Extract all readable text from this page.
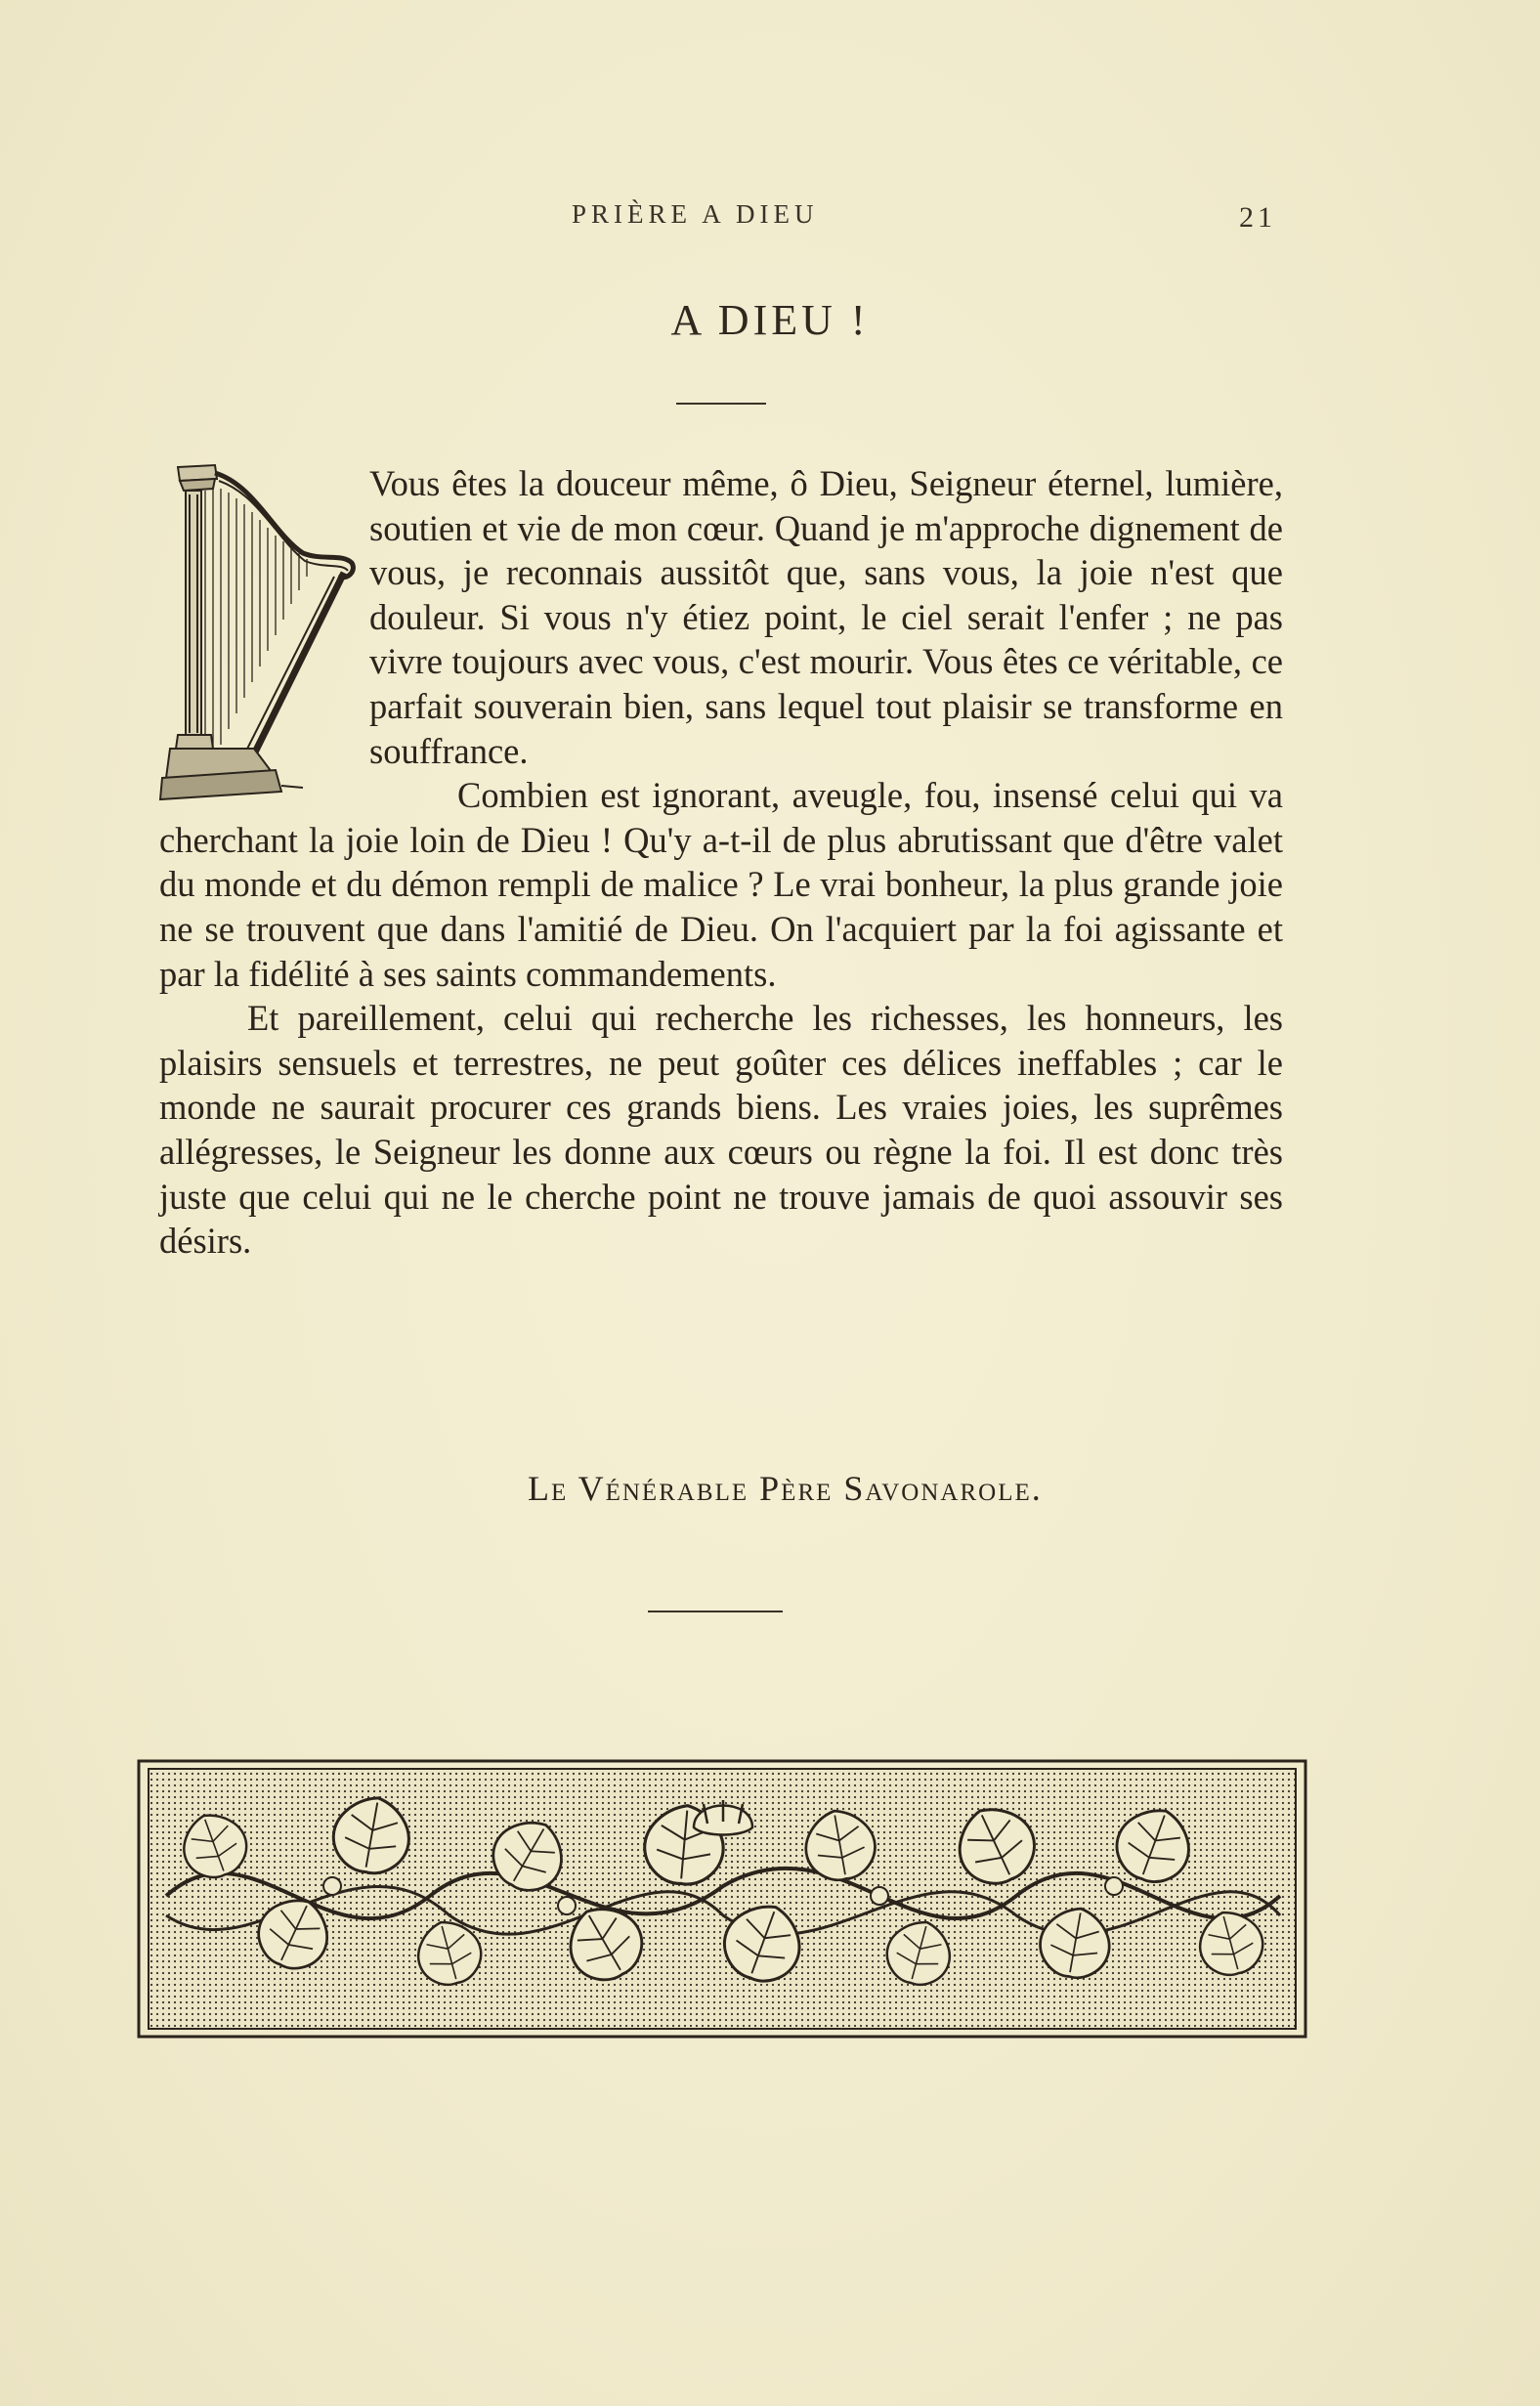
PRIÈRE A DIEU	21
A DIEU !

Vous êtes la douceur même, ô Dieu, Seigneur éternel, lumière, soutien et vie de mon cœur. Quand je m'approche dignement de vous, je reconnais aussitôt que, sans vous, la joie n'est que douleur. Si vous n'y étiez point, le ciel serait l'enfer ; ne pas vivre toujours avec vous, c'est mourir. Vous êtes ce véritable, ce parfait souverain bien, sans lequel tout plaisir se transforme en souffrance.

Combien est ignorant, aveugle, fou, insensé celui qui va cherchant la joie loin de Dieu ! Qu'y a-t-il de plus abrutissant que d'être valet du monde et du démon rempli de malice ? Le vrai bonheur, la plus grande joie ne se trouvent que dans l'amitié de Dieu. On l'acquiert par la foi agissante et par la fidélité à ses saints commandements.

Et pareillement, celui qui recherche les richesses, les honneurs, les plaisirs sensuels et terrestres, ne peut goûter ces délices ineffables ; car le monde ne saurait procurer ces grands biens. Les vraies joies, les suprêmes allégresses, le Seigneur les donne aux cœurs ou règne la foi. Il est donc très juste que celui qui ne le cherche point ne trouve jamais de quoi assouvir ses désirs.

Le Vénérable Père Savonarole.
